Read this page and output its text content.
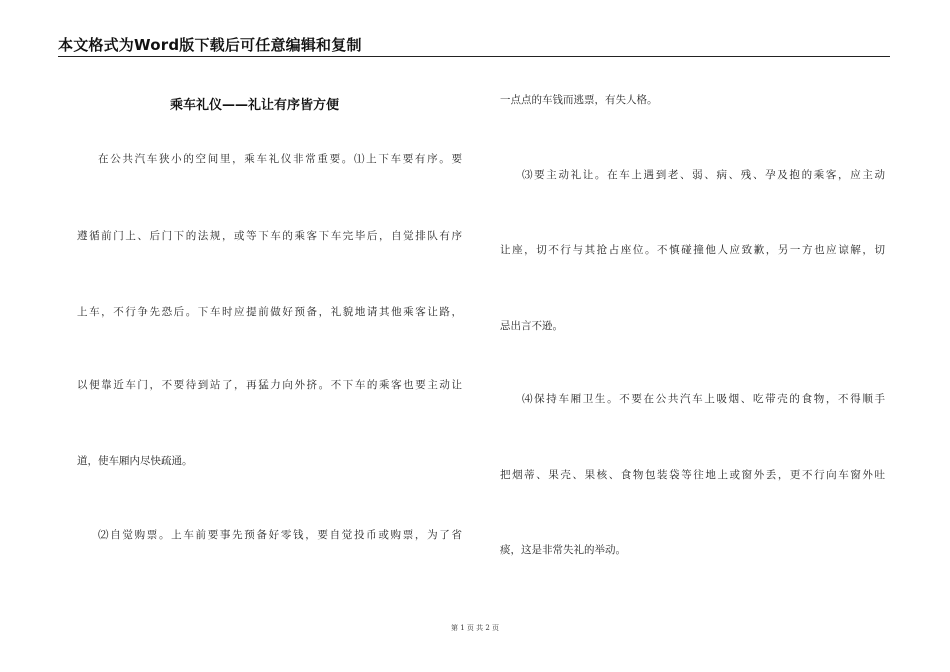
本文格式为Word版下载后可任意编辑和复制
乘车礼仪——礼让有序皆方便
在公共汽车狭小的空间里，乘车礼仪非常重要。⑴上下车要有序。要
遵循前门上、后门下的法规，或等下车的乘客下车完毕后，自觉排队有序
上车，不行争先恐后。下车时应提前做好预备，礼貌地请其他乘客让路，
以便靠近车门，不要待到站了，再猛力向外挤。不下车的乘客也要主动让
道，使车厢内尽快疏通。
⑵自觉购票。上车前要事先预备好零钱，要自觉投币或购票，为了省
一点点的车钱而逃票，有失人格。
⑶要主动礼让。在车上遇到老、弱、病、残、孕及抱的乘客，应主动
让座，切不行与其抢占座位。不慎碰撞他人应致歉，另一方也应谅解，切
忌出言不逊。
⑷保持车厢卫生。不要在公共汽车上吸烟、吃带壳的食物，不得顺手
把烟蒂、果壳、果核、食物包装袋等往地上或窗外丢，更不行向车窗外吐
痰，这是非常失礼的举动。
第 1 页 共 2 页
